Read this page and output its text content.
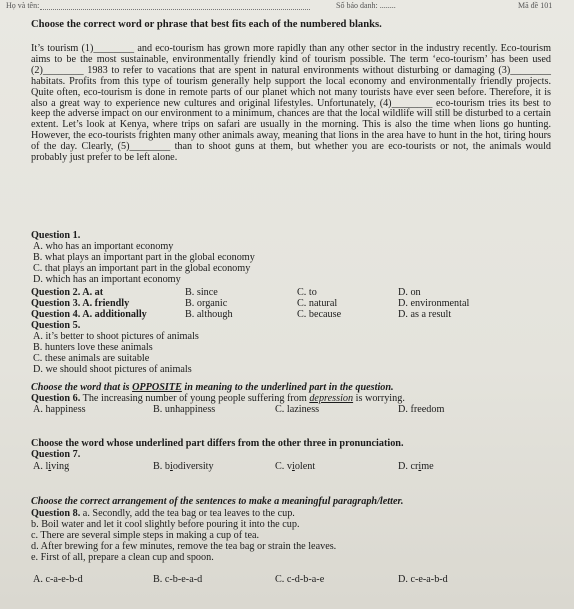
Họ và tên:	Số báo danh: ........	Mã đề 101
Choose the correct word or phrase that best fits each of the numbered blanks.

It’s tourism (1)________ and eco-tourism has grown more rapidly than any other sector in the industry recently. Eco-tourism aims to be the most sustainable, environmentally friendly kind of tourism possible. The term ‘eco-tourism’ has been used (2)________ 1983 to refer to vacations that are spent in natural environments without disturbing or damaging (3)________ habitats. Profits from this type of tourism generally help support the local economy and environmentally friendly projects. Quite often, eco-tourism is done in remote parts of our planet which not many tourists have ever seen before. Therefore, it is also a great way to experience new cultures and original lifestyles. Unfortunately, (4)________ eco-tourism tries its best to keep the adverse impact on our environment to a minimum, chances are that the local wildlife will still be disturbed to a certain extent. Let’s look at Kenya, where trips on safari are usually in the morning. This is also the time when lions go hunting. However, the eco-tourists frighten many other animals away, meaning that lions in the area have to hunt in the hot, tiring hours of the day. Clearly, (5)________ than to shoot guns at them, but whether you are eco-tourists or not, the animals would probably just prefer to be left alone.

Question 1.
A. who has an important economy
B. what plays an important part in the global economy
C. that plays an important part in the global economy
D. which has an important economy
Question 2. A. at	B. since	C. to	D. on
Question 3. A. friendly	B. organic	C. natural	D. environmental
Question 4. A. additionally	B. although	C. because	D. as a result
Question 5.
A. it’s better to shoot pictures of animals
B. hunters love these animals
C. these animals are suitable
D. we should shoot pictures of animals
Choose the word that is OPPOSITE in meaning to the underlined part in the question.
Question 6. The increasing number of young people suffering from depression is worrying.
A. happiness	B. unhappiness	C. laziness	D. freedom
Choose the word whose underlined part differs from the other three in pronunciation.
Question 7.
A. living	B. biodiversity	C. violent	D. crime
Choose the correct arrangement of the sentences to make a meaningful paragraph/letter.
Question 8. a. Secondly, add the tea bag or tea leaves to the cup.
b. Boil water and let it cool slightly before pouring it into the cup.
c. There are several simple steps in making a cup of tea.
d. After brewing for a few minutes, remove the tea bag or strain the leaves.
e. First of all, prepare a clean cup and spoon.
A. c-a-e-b-d	B. c-b-e-a-d	C. c-d-b-a-e	D. c-e-a-b-d
